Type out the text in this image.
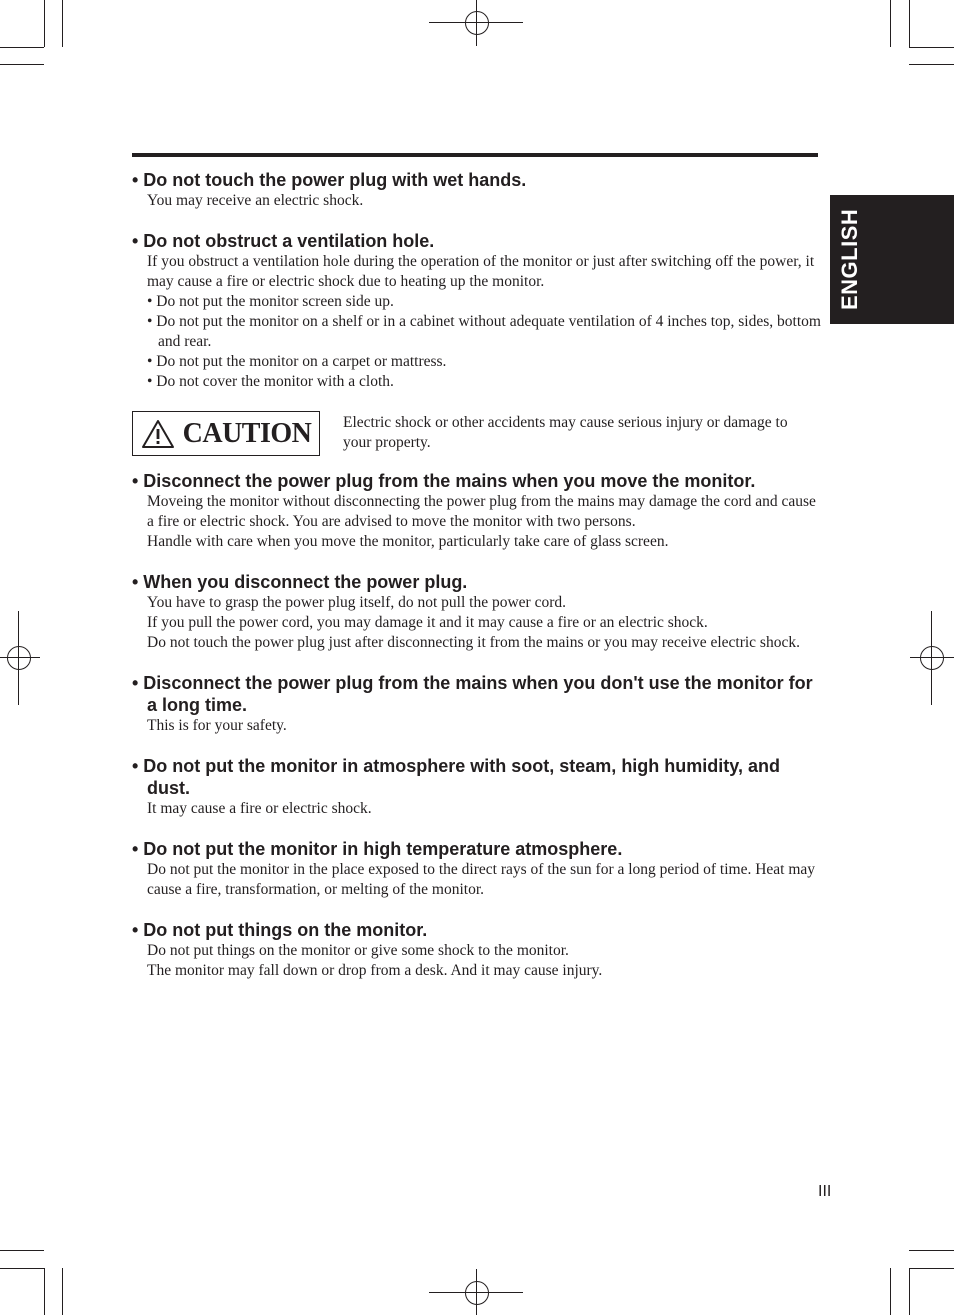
ENGLISH
• Do not touch the power plug with wet hands.
You may receive an electric shock.
• Do not obstruct a ventilation hole.
If you obstruct a ventilation hole during the operation of the monitor or just after switching off the power, it may cause a fire or electric shock due to heating up the monitor.
• Do not put the monitor screen side up.
• Do not put the monitor on a shelf or in a cabinet without adequate ventilation of 4 inches top, sides, bottom and rear.
• Do not put the monitor on a carpet or mattress.
• Do not cover the monitor with a cloth.
CAUTION Electric shock or other accidents may cause serious injury or damage to your property.
• Disconnect the power plug from the mains when you move the monitor.
Moveing the monitor without disconnecting the power plug from the mains may damage the cord and cause a fire or electric shock. You are advised to move the monitor with two persons.
Handle with care when you move the monitor, particularly take care of glass screen.
• When you disconnect the power plug.
You have to grasp the power plug itself, do not pull the power cord.
If you pull the power cord, you may damage it and it may cause a fire or an electric shock.
Do not touch the power plug just after disconnecting it from the mains or you may receive electric shock.
• Disconnect the power plug from the mains when you don't use the monitor for a long time.
This is for your safety.
• Do not put the monitor in atmosphere with soot, steam, high humidity, and dust.
It may cause a fire or electric shock.
• Do not put the monitor in high temperature atmosphere.
Do not put the monitor in the place exposed to the direct rays of the sun for a long period of time. Heat may cause a fire, transformation, or melting of the monitor.
• Do not put things on the monitor.
Do not put things on the monitor or give some shock to the monitor.
The monitor may fall down or drop from a desk. And it may cause injury.
III
